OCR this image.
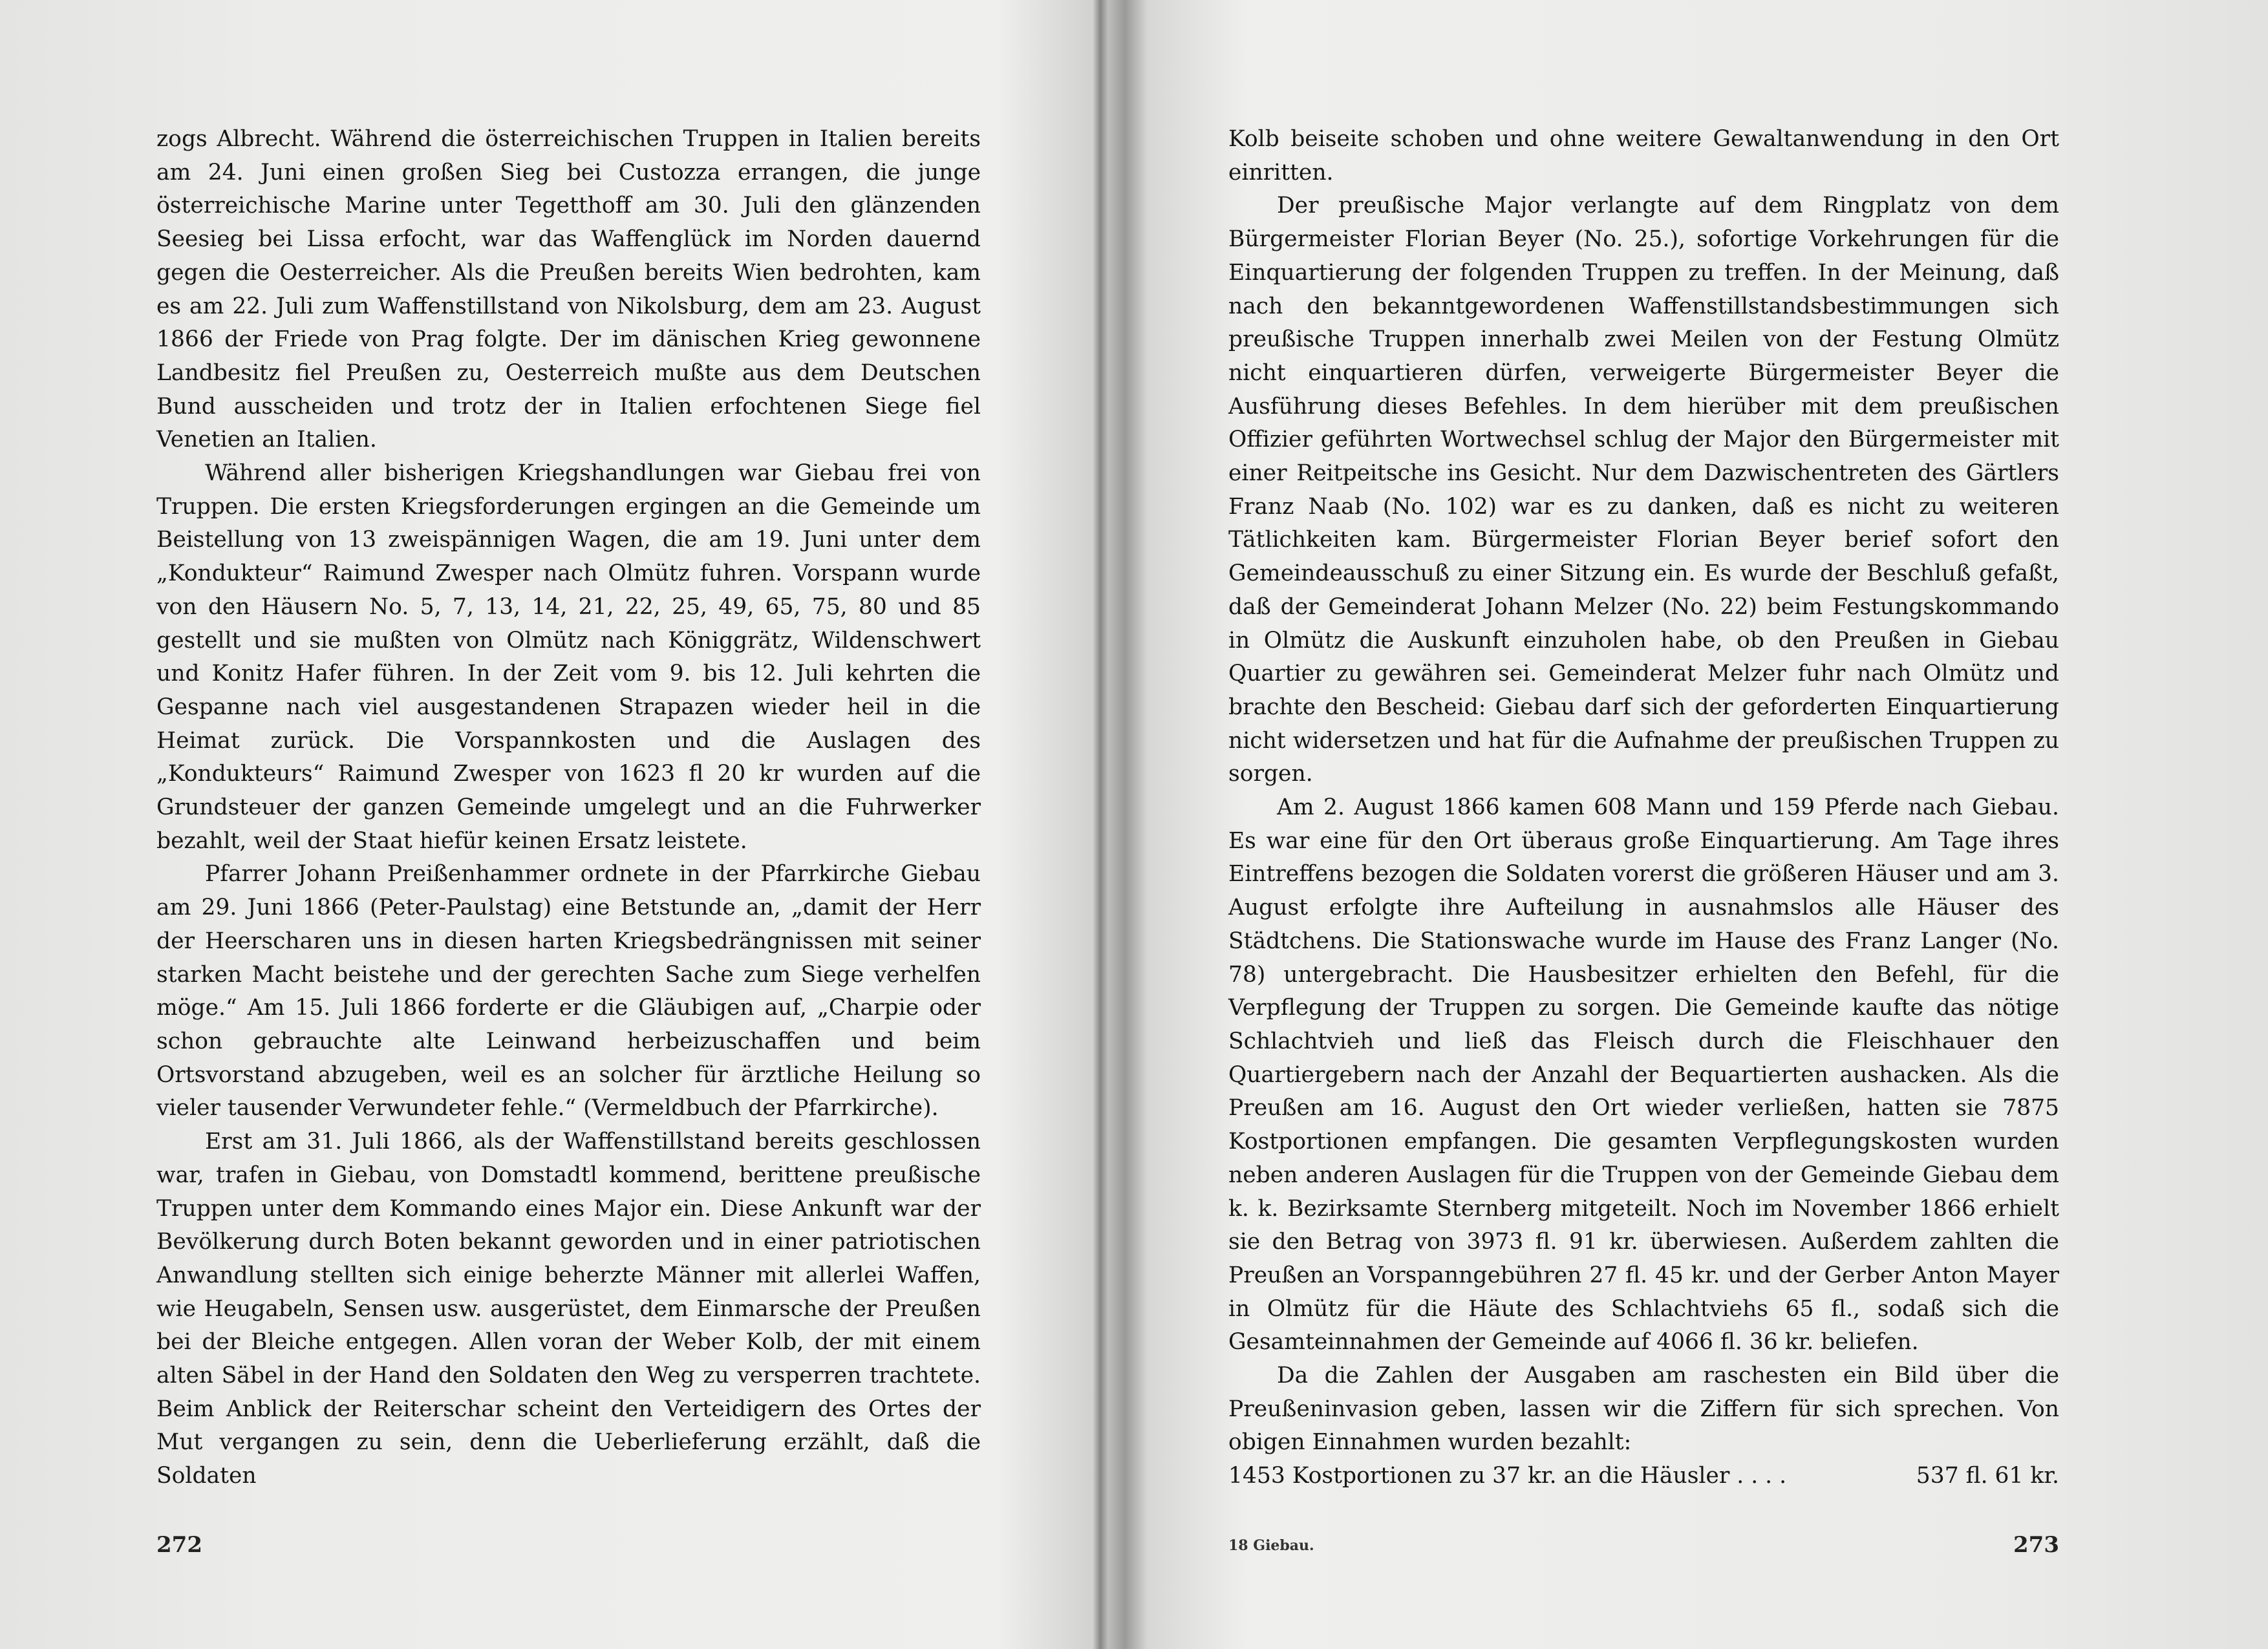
zogs Albrecht. Während die österreichischen Truppen in Italien bereits am 24. Juni einen großen Sieg bei Custozza errangen, die junge österreichische Marine unter Tegetthoff am 30. Juli den glänzenden Seesieg bei Lissa erfocht, war das Waffenglück im Norden dauernd gegen die Oesterreicher. Als die Preußen bereits Wien bedrohten, kam es am 22. Juli zum Waffenstillstand von Nikolsburg, dem am 23. August 1866 der Friede von Prag folgte. Der im dänischen Krieg gewonnene Landbesitz fiel Preußen zu, Oesterreich mußte aus dem Deutschen Bund ausscheiden und trotz der in Italien erfochtenen Siege fiel Venetien an Italien.

Während aller bisherigen Kriegshandlungen war Giebau frei von Truppen. Die ersten Kriegsforderungen ergingen an die Gemeinde um Beistellung von 13 zweispännigen Wagen, die am 19. Juni unter dem „Kondukteur“ Raimund Zwesper nach Olmütz fuhren. Vorspann wurde von den Häusern No. 5, 7, 13, 14, 21, 22, 25, 49, 65, 75, 80 und 85 gestellt und sie mußten von Olmütz nach Königgrätz, Wildenschwert und Konitz Hafer führen. In der Zeit vom 9. bis 12. Juli kehrten die Gespanne nach viel ausgestandenen Strapazen wieder heil in die Heimat zurück. Die Vorspannkosten und die Auslagen des „Kondukteurs“ Raimund Zwesper von 1623 fl 20 kr wurden auf die Grundsteuer der ganzen Gemeinde umgelegt und an die Fuhrwerker bezahlt, weil der Staat hiefür keinen Ersatz leistete.

Pfarrer Johann Preißenhammer ordnete in der Pfarrkirche Giebau am 29. Juni 1866 (Peter-Paulstag) eine Betstunde an, „damit der Herr der Heerscharen uns in diesen harten Kriegsbedrängnissen mit seiner starken Macht beistehe und der gerechten Sache zum Siege verhelfen möge.“ Am 15. Juli 1866 forderte er die Gläubigen auf, „Charpie oder schon gebrauchte alte Leinwand herbeizuschaffen und beim Ortsvorstand abzugeben, weil es an solcher für ärztliche Heilung so vieler tausender Verwundeter fehle.“ (Vermeldbuch der Pfarrkirche).

Erst am 31. Juli 1866, als der Waffenstillstand bereits geschlossen war, trafen in Giebau, von Domstadtl kommend, berittene preußische Truppen unter dem Kommando eines Major ein. Diese Ankunft war der Bevölkerung durch Boten bekannt geworden und in einer patriotischen Anwandlung stellten sich einige beherzte Männer mit allerlei Waffen, wie Heugabeln, Sensen usw. ausgerüstet, dem Einmarsche der Preußen bei der Bleiche entgegen. Allen voran der Weber Kolb, der mit einem alten Säbel in der Hand den Soldaten den Weg zu versperren trachtete. Beim Anblick der Reiterschar scheint den Verteidigern des Ortes der Mut vergangen zu sein, denn die Ueberlieferung erzählt, daß die Soldaten

272

Kolb beiseite schoben und ohne weitere Gewaltanwendung in den Ort einritten.

Der preußische Major verlangte auf dem Ringplatz von dem Bürgermeister Florian Beyer (No. 25.), sofortige Vorkehrungen für die Einquartierung der folgenden Truppen zu treffen. In der Meinung, daß nach den bekanntgewordenen Waffenstillstandsbestimmungen sich preußische Truppen innerhalb zwei Meilen von der Festung Olmütz nicht einquartieren dürfen, verweigerte Bürgermeister Beyer die Ausführung dieses Befehles. In dem hierüber mit dem preußischen Offizier geführten Wortwechsel schlug der Major den Bürgermeister mit einer Reitpeitsche ins Gesicht. Nur dem Dazwischentreten des Gärtlers Franz Naab (No. 102) war es zu danken, daß es nicht zu weiteren Tätlichkeiten kam. Bürgermeister Florian Beyer berief sofort den Gemeindeausschuß zu einer Sitzung ein. Es wurde der Beschluß gefaßt, daß der Gemeinderat Johann Melzer (No. 22) beim Festungskommando in Olmütz die Auskunft einzuholen habe, ob den Preußen in Giebau Quartier zu gewähren sei. Gemeinderat Melzer fuhr nach Olmütz und brachte den Bescheid: Giebau darf sich der geforderten Einquartierung nicht widersetzen und hat für die Aufnahme der preußischen Truppen zu sorgen.

Am 2. August 1866 kamen 608 Mann und 159 Pferde nach Giebau. Es war eine für den Ort überaus große Einquartierung. Am Tage ihres Eintreffens bezogen die Soldaten vorerst die größeren Häuser und am 3. August erfolgte ihre Aufteilung in ausnahmslos alle Häuser des Städtchens. Die Stationswache wurde im Hause des Franz Langer (No. 78) untergebracht. Die Hausbesitzer erhielten den Befehl, für die Verpflegung der Truppen zu sorgen. Die Gemeinde kaufte das nötige Schlachtvieh und ließ das Fleisch durch die Fleischhauer den Quartiergebern nach der Anzahl der Bequartierten aushacken. Als die Preußen am 16. August den Ort wieder verließen, hatten sie 7875 Kostportionen empfangen. Die gesamten Verpflegungskosten wurden neben anderen Auslagen für die Truppen von der Gemeinde Giebau dem k. k. Bezirksamte Sternberg mitgeteilt. Noch im November 1866 erhielt sie den Betrag von 3973 fl. 91 kr. überwiesen. Außerdem zahlten die Preußen an Vorspanngebühren 27 fl. 45 kr. und der Gerber Anton Mayer in Olmütz für die Häute des Schlachtviehs 65 fl., sodaß sich die Gesamteinnahmen der Gemeinde auf 4066 fl. 36 kr. beliefen.

Da die Zahlen der Ausgaben am raschesten ein Bild über die Preußeninvasion geben, lassen wir die Ziffern für sich sprechen. Von obigen Einnahmen wurden bezahlt:

1453 Kostportionen zu 37 kr. an die Häusler . . . .	537 fl. 61 kr.
18 Giebau.	273
